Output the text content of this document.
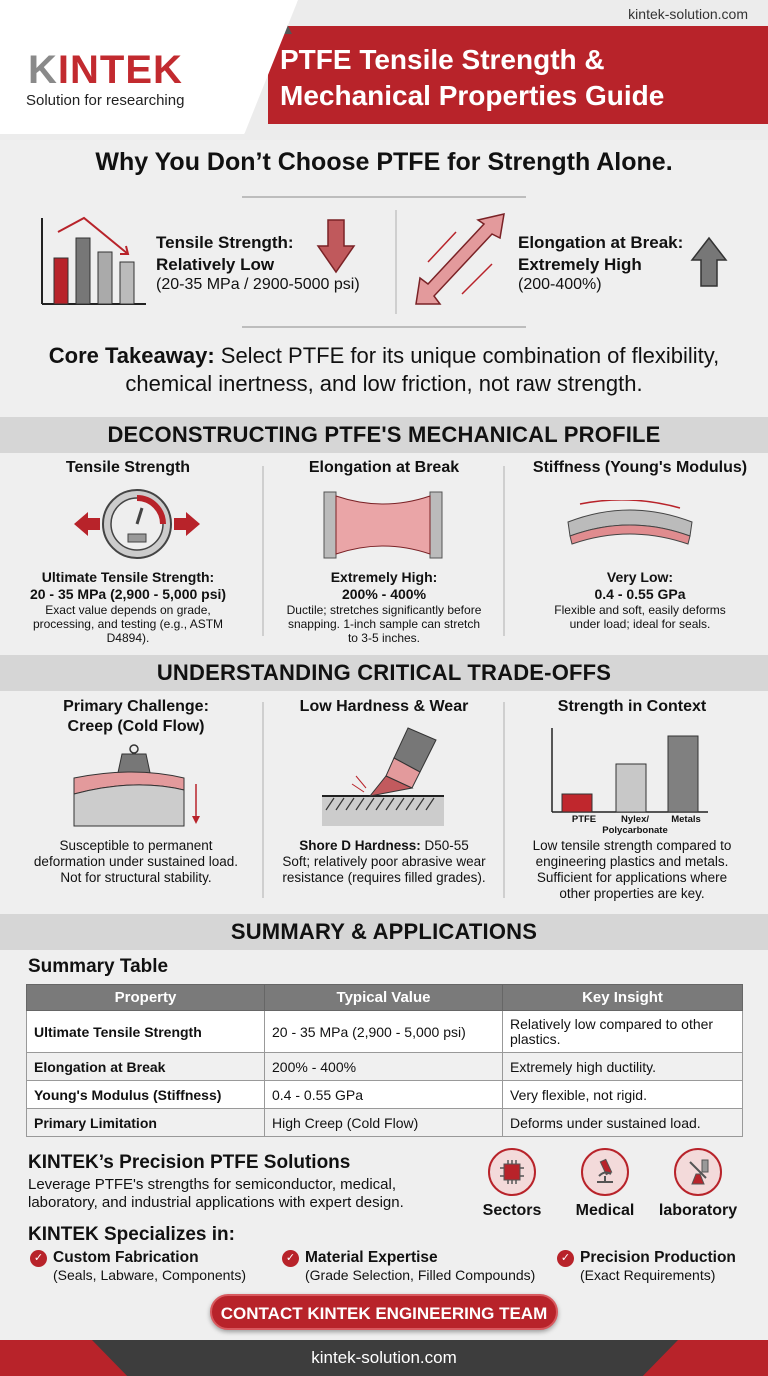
KINTEK
Solution for researching
kintek-solution.com
PTFE Tensile Strength &
Mechanical Properties Guide
Why You Don’t Choose PTFE for Strength Alone.
Tensile Strength:
Relatively Low
(20-35 MPa / 2900-5000 psi)
Elongation at Break:
Extremely High
(200-400%)
Core Takeaway: Select PTFE for its unique combination of flexibility, chemical inertness, and low friction, not raw strength.
DECONSTRUCTING PTFE'S MECHANICAL PROFILE
Tensile Strength
Ultimate Tensile Strength:
20 - 35 MPa (2,900 - 5,000 psi)

Exact value depends on grade, processing, and testing (e.g., ASTM D4894).

Elongation at Break
Extremely High:
200% - 400%

Ductile; stretches significantly before snapping. 1-inch sample can stretch to 3-5 inches.

Stiffness (Young's Modulus)
Very Low:
0.4 - 0.55 GPa

Flexible and soft, easily deforms under load; ideal for seals.

UNDERSTANDING CRITICAL TRADE-OFFS
Primary Challenge:
Creep (Cold Flow)

Susceptible to permanent deformation under sustained load. Not for structural stability.

Low Hardness & Wear

Shore D Hardness: D50-55

Soft; relatively poor abrasive wear resistance (requires filled grades).

Strength in Context
PTFE	Nylex/
Polycarbonate
Metals

Low tensile strength compared to engineering plastics and metals. Sufficient for applications where other properties are key.

SUMMARY & APPLICATIONS
Summary Table
Property	Typical Value	Key Insight
Ultimate Tensile Strength	20 - 35 MPa (2,900 - 5,000 psi)	Relatively low compared to other plastics.
Elongation at Break	200% - 400%	Extremely high ductility.
Young's Modulus (Stiffness)	0.4 - 0.55 GPa	Very flexible, not rigid.
Primary Limitation	High Creep (Cold Flow)	Deforms under sustained load.
KINTEK’s Precision PTFE Solutions
Leverage PTFE's strengths for semiconductor, medical, laboratory, and industrial applications with expert design.	Sectors	Medical	laboratory
KINTEK Specializes in:
✓ Custom Fabrication
(Seals, Labware, Components)
✓ Material Expertise
(Grade Selection, Filled Compounds)
✓ Precision Production
(Exact Requirements)
CONTACT KINTEK ENGINEERING TEAM
kintek-solution.com
